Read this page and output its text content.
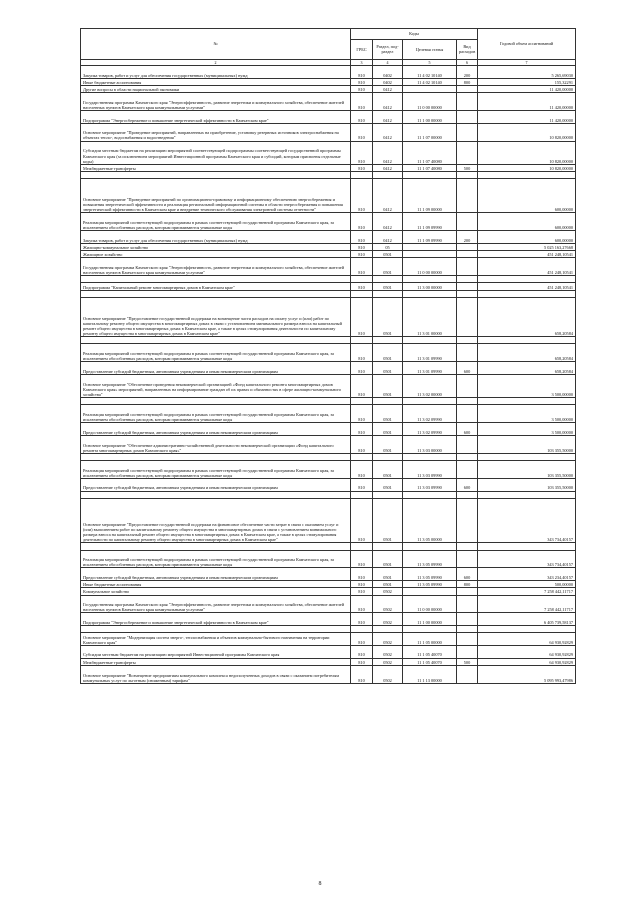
№	Коды				Годовой объем ассигнований
	ГРБС	Раздел, под-раздел	Целевая статья	Вид расходов	
2	3	4	5	6	7
Закупка товаров, работ и услуг для обеспечения государственных (муниципальных) нужд	810	0402	11 4 02 10140	200	5 265,69030
Иные бюджетные ассигнования	810	0402	11 4 02 10140	800	155,32291
Другие вопросы в области национальной экономики	810	0412			11 420,00000
Государственная программа Камчатского края "Энергоэффективность, развитие энергетики и коммунального хозяйства, обеспечение жителей населенных пунктов Камчатского края коммунальными услугами"	810	0412	11 0 00 00000		11 420,00000
Подпрограмма "Энергосбережение и повышение энергетической эффективности в Камчатском крае"	810	0412	11 1 00 00000		11 420,00000
Основное мероприятие "Проведение мероприятий, направленных на приобретение, установку резервных источников электроснабжения на объектах тепло-, водоснабжения и водоотведения"	810	0412	11 1 07 00000		10 820,00000
Субсидии местным бюджетам на реализацию мероприятий соответствующей подпрограммы соответствующей государственной программы Камчатского края (за исключением мероприятий Инвестиционной программы Камчатского края и субсидий, которым присвоены отдельные коды)	810	0412	11 1 07 40080		10 820,00000
Межбюджетные трансферты	810	0412	11 1 07 40080	500	10 820,00000

Основное мероприятие "Проведение мероприятий по организационно-правовому и информационному обеспечению энергосбережения и повышения энергетической эффективности и реализация региональной информационной системы в области энергосбережения и повышения энергетической эффективности в Камчатском крае и внедрение технического обслуживания электронной системы отчетности"	810	0412	11 1 09 00000		600,00000
Реализация мероприятий соответствующей подпрограммы в рамках соответствующей государственной программы Камчатского края, за исключением обособленных расходов, которым присваиваются уникальные коды	810	0412	11 1 09 09990		600,00000
Закупка товаров, работ и услуг для обеспечения государственных (муниципальных) нужд	810	0412	11 1 09 09990	200	600,00000
Жилищно-коммунальное хозяйство	810	05			5 025 163,27668
Жилищное хозяйство	810	0501			451 248,10541
Государственная программа Камчатского края "Энергоэффективность, развитие энергетики и коммунального хозяйства, обеспечение жителей населенных пунктов Камчатского края коммунальными услугами"	810	0501	11 0 00 00000		451 248,10541

Подпрограмма "Капитальный ремонт многоквартирных домов в Камчатском крае"	810	0501	11 3 00 00000		451 248,10541

Основное мероприятие "Предоставление государственной поддержки на возмещение части расходов на оплату услуг и (или) работ по капитальному ремонту общего имущества в многоквартирных домах в связи с установлением минимального размера взноса на капитальный ремонт общего имущества в многоквартирных домах в Камчатском крае, а также в целях стимулирования деятельности по капитальному ремонту общего имущества в многоквартирных домах в Камчатском крае"	810	0501	11 3 01 00000		658,20584

Реализация мероприятий соответствующей подпрограммы в рамках соответствующей государственной программы Камчатского края, за исключением обособленных расходов, которым присваиваются уникальные коды	810	0501	11 3 01 09990		658,20584
Предоставление субсидий бюджетным, автономным учреждениям и иным некоммерческим организациям	810	0501	11 3 01 09990	600	658,20584
Основное мероприятие "Обеспечение проведения некоммерческой организацией «Фонд капитального ремонта многоквартирных домов Камчатского края» мероприятий, направленных на информирование граждан об их правах и обязанностях в сфере жилищно-коммунального хозяйства"	810	0501	11 3 02 00000		3 500,00000

Реализация мероприятий соответствующей подпрограммы в рамках соответствующей государственной программы Камчатского края, за исключением обособленных расходов, которым присваиваются уникальные коды	810	0501	11 3 02 09990		3 500,00000
Предоставление субсидий бюджетным, автономным учреждениям и иным некоммерческим организациям	810	0501	11 3 02 09990	600	3 500,00000
Основное мероприятие "Обеспечение административно-хозяйственной деятельности некоммерческой организации «Фонд капитального ремонта многоквартирных домов Камчатского края»"	810	0501	11 3 03 00000		103 355,50000

Реализация мероприятий соответствующей подпрограммы в рамках соответствующей государственной программы Камчатского края, за исключением обособленных расходов, которым присваиваются уникальные коды	810	0501	11 3 03 09990		103 355,50000
Предоставление субсидий бюджетным, автономным учреждениям и иным некоммерческим организациям	810	0501	11 3 03 09990	600	103 355,50000

Основное мероприятие "Предоставление государственной поддержки на финансовое обеспечение части затрат в связи с оказанием услуг и (или) выполнением работ по капитальному ремонту общего имущества в многоквартирных домах в связи с установлением минимального размера взноса на капитальный ремонт общего имущества в многоквартирных домах в Камчатском крае, а также в целях стимулирования деятельности по капитальному ремонту общего имущества в многоквартирных домах в Камчатском крае"	810	0501	11 3 05 00000		343 734,40157

Реализация мероприятий соответствующей подпрограммы в рамках соответствующей государственной программы Камчатского края, за исключением обособленных расходов, которым присваиваются уникальные коды	810	0501	11 3 05 09990		343 734,40157
Предоставление субсидий бюджетным, автономным учреждениям и иным некоммерческим организациям	810	0501	11 3 05 09990	600	343 234,40157
Иные бюджетные ассигнования	810	0501	11 3 05 09990	800	500,00000
Коммунальное хозяйство	810	0502			7 258 442,11717
Государственная программа Камчатского края "Энергоэффективность, развитие энергетики и коммунального хозяйства, обеспечение жителей населенных пунктов Камчатского края коммунальными услугами"	810	0502	11 0 00 00000		7 258 442,11717
Подпрограмма "Энергосбережение и повышение энергетической эффективности в Камчатском крае"	810	0502	11 1 00 00000		6 405 739,58137

Основное мероприятие "Модернизация систем энерго-, теплоснабжения и объектов коммунально-бытового назначения на территории Камчатского края"	810	0502	11 1 05 00000		64 930,92829
Субсидии местным бюджетам на реализацию мероприятий Инвестиционной программы Камчатского края	810	0502	11 1 05 40070		64 930,92829
Межбюджетные трансферты	810	0502	11 1 05 40070	500	64 930,92829
Основное мероприятие "Возмещение предприятиям коммунального комплекса недополученных доходов в связи с оказанием потребителям коммунальных услуг по льготным (сниженным) тарифам"	810	0502	11 1 13 00000		5 095 993,47986
8
